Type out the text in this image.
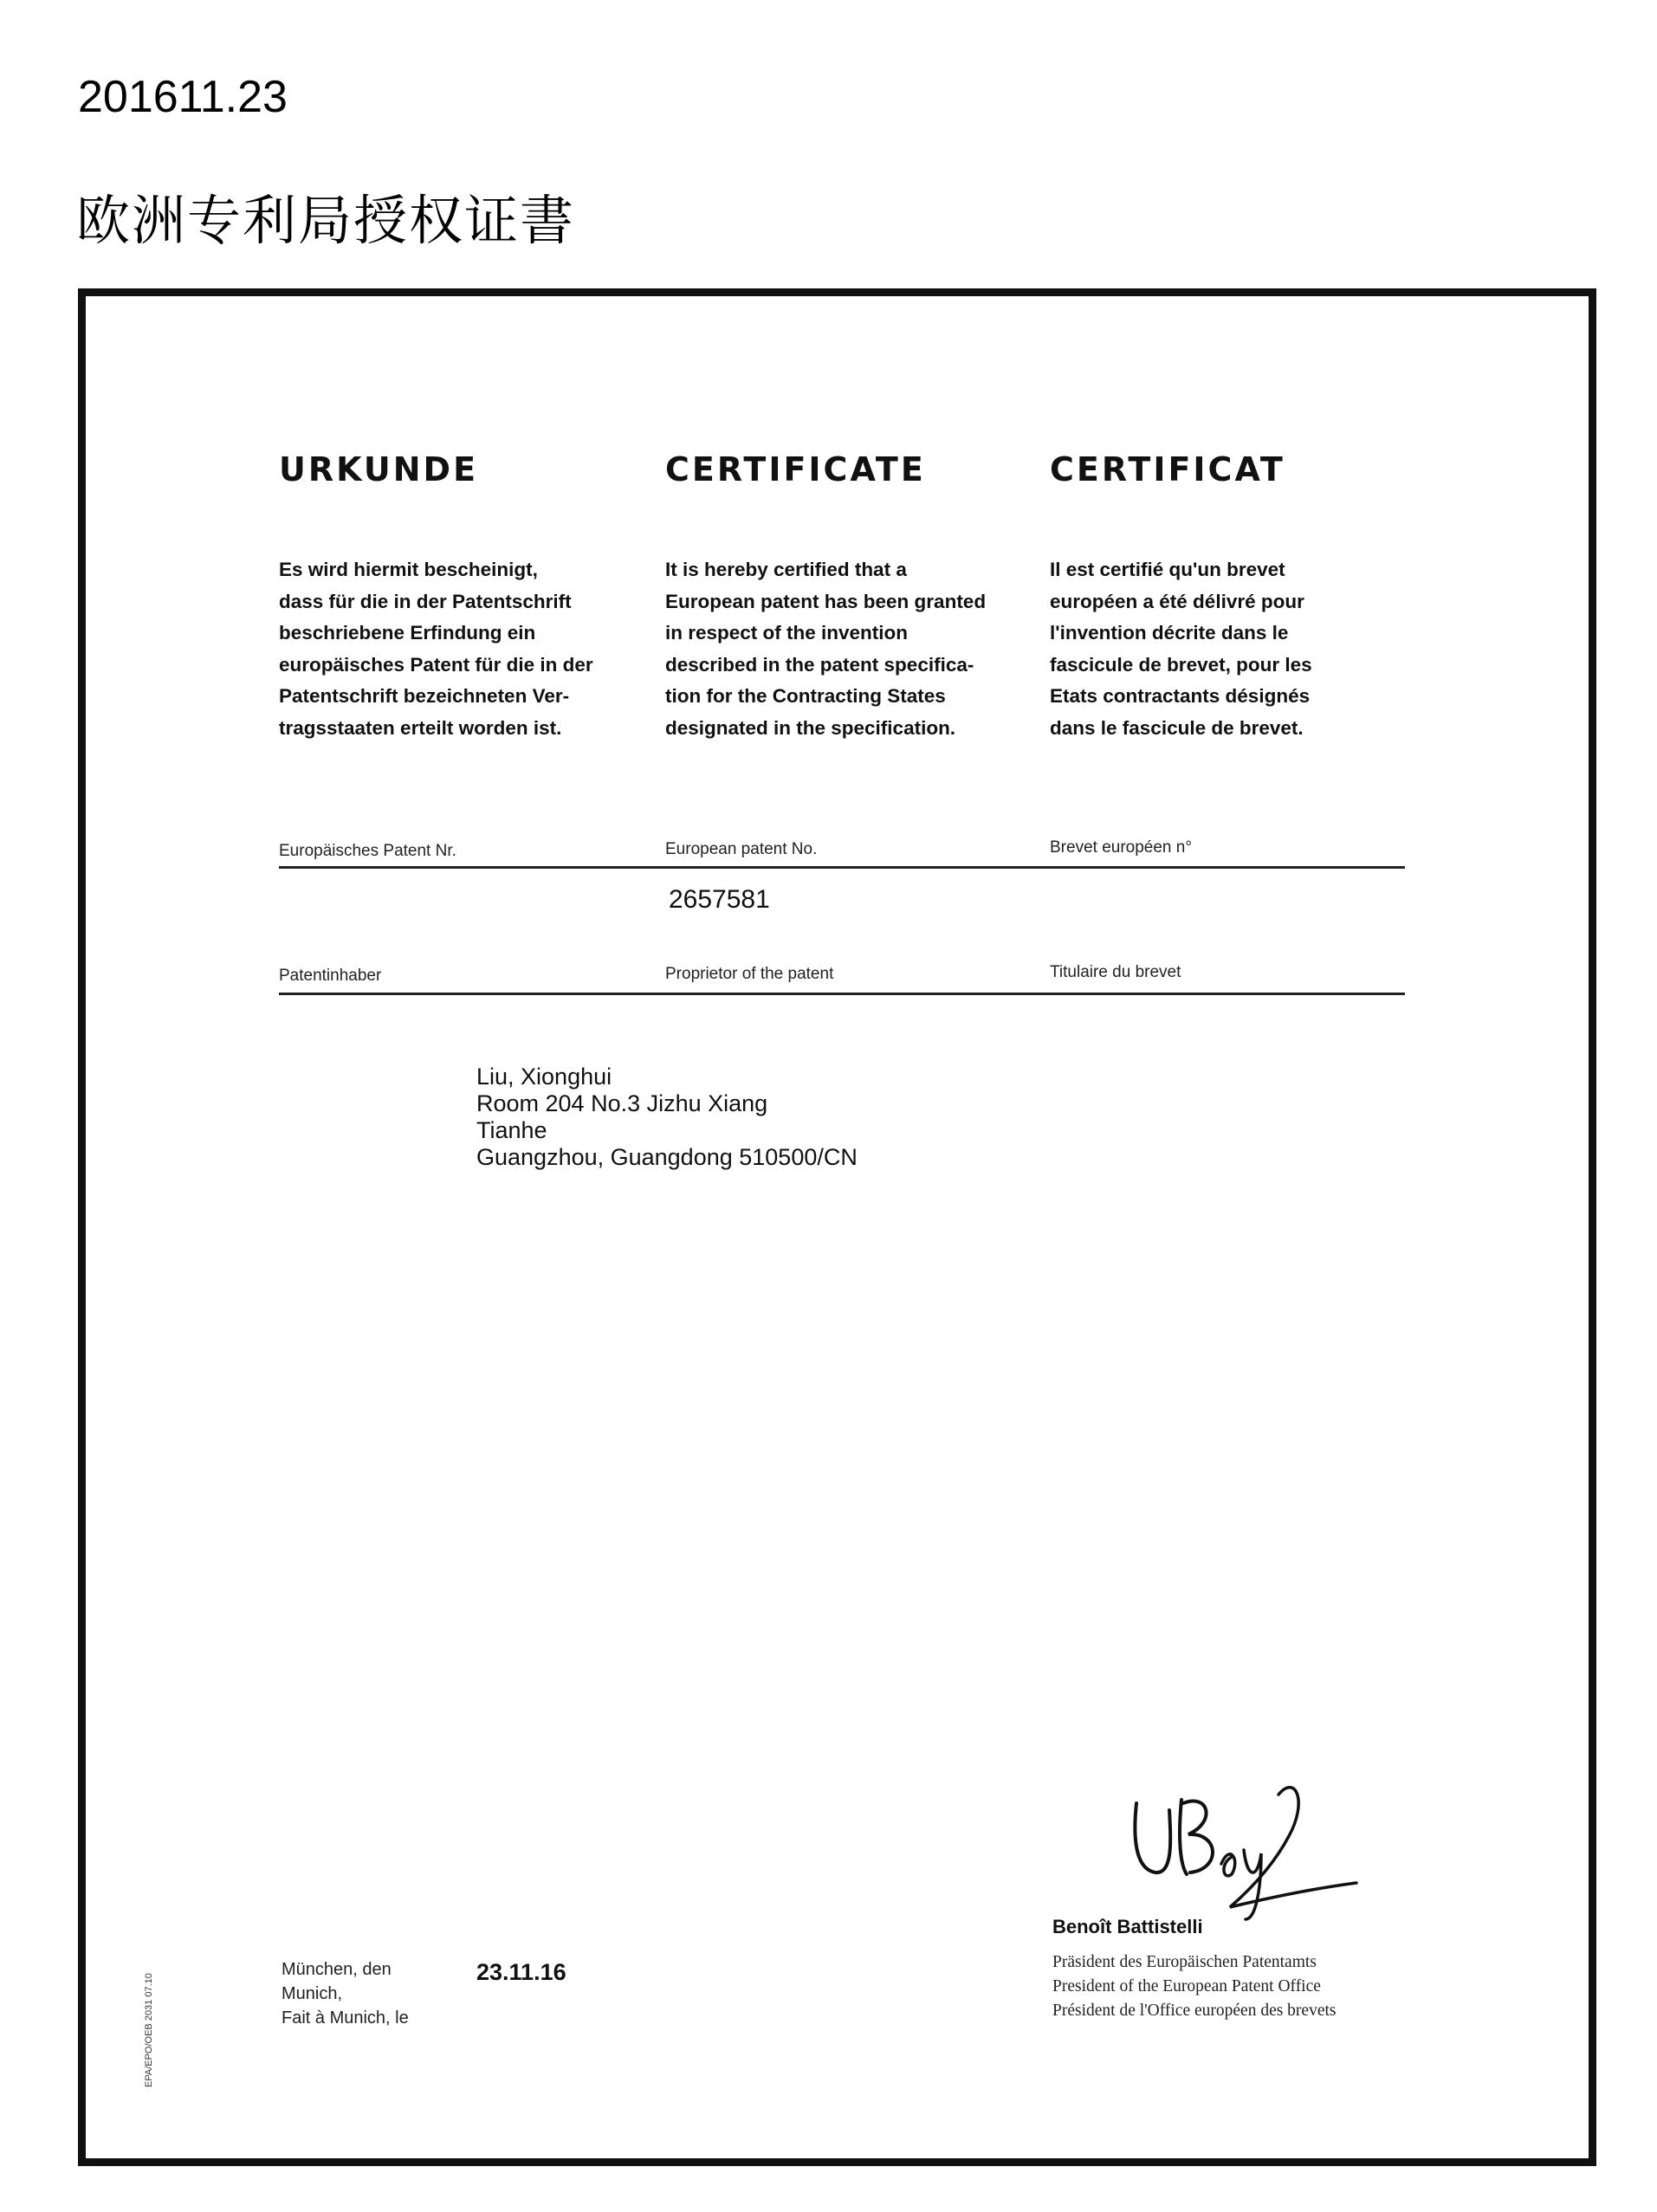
201611.23
欧洲专利局授权证書
URKUNDE	CERTIFICATE	CERTIFICAT
Es wird hiermit bescheinigt,
dass für die in der Patentschrift
beschriebene Erfindung ein
europäisches Patent für die in der
Patentschrift bezeichneten Ver-
tragsstaaten erteilt worden ist.
It is hereby certified that a
European patent has been granted
in respect of the invention
described in the patent specifica-
tion for the Contracting States
designated in the specification.
Il est certifié qu'un brevet
européen a été délivré pour
l'invention décrite dans le
fascicule de brevet, pour les
Etats contractants désignés
dans le fascicule de brevet.
Europäisches Patent Nr.	European patent No.	Brevet européen n°
2657581
Patentinhaber	Proprietor of the patent	Titulaire du brevet
Liu, Xionghui
Room 204 No.3 Jizhu Xiang
Tianhe
Guangzhou, Guangdong 510500/CN
München, den
Munich,
Fait à Munich, le
23.11.16
Benoît Battistelli
Präsident des Europäischen Patentamts
President of the European Patent Office
Président de l'Office européen des brevets
EPA/EPO/OEB 2031 07.10
